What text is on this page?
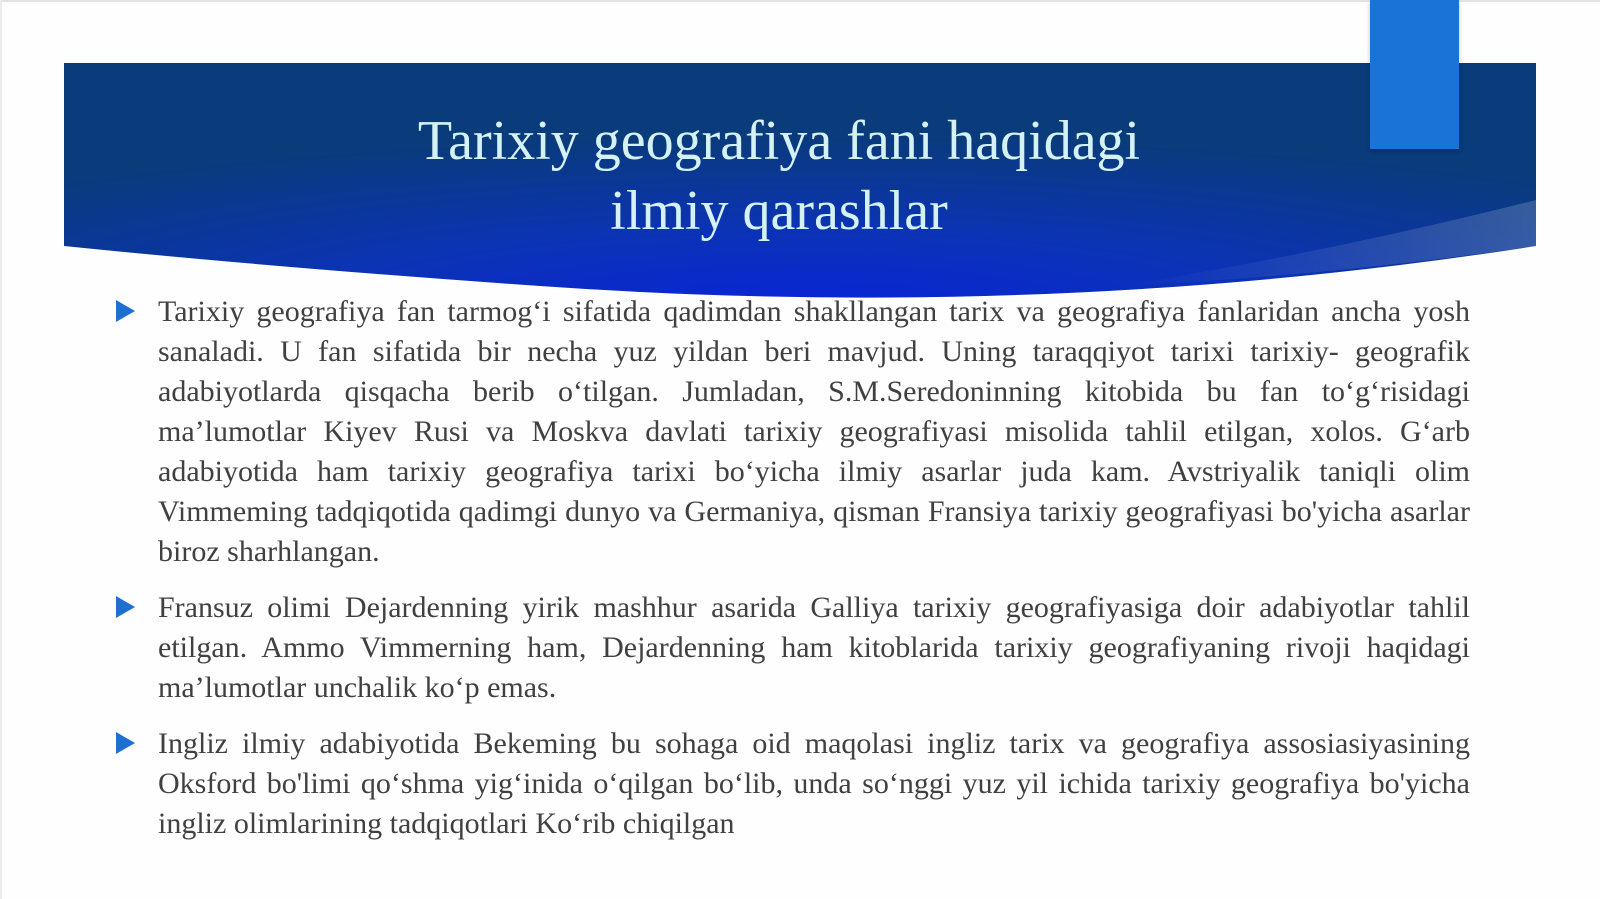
Tarixiy geografiya fani haqidagi
ilmiy qarashlar

Tarixiy geografiya fan tarmog‘i sifatida qadimdan shakllangan tarix va geografiya fanlaridan ancha yosh sanaladi. U fan sifatida bir necha yuz yildan beri mavjud. Uning taraqqiyot tarixi tarixiy- geografik adabiyotlarda qisqacha berib o‘tilgan. Jumladan, S.M.Seredoninning kitobida bu fan to‘g‘risidagi ma’lumotlar Kiyev Rusi va Moskva davlati tarixiy geografiyasi misolida tahlil etilgan, xolos. G‘arb adabiyotida ham tarixiy geografiya tarixi bo‘yicha ilmiy asarlar juda kam. Avstriyalik taniqli olim Vimmeming tadqiqotida qadimgi dunyo va Germaniya, qisman Fransiya tarixiy geografiyasi bo'yicha asarlar biroz sharhlangan.

Fransuz olimi Dejardenning yirik mashhur asarida Galliya tarixiy geografiyasiga doir adabiyotlar tahlil etilgan. Ammo Vimmerning ham, Dejardenning ham kitoblarida tarixiy geografiyaning rivoji haqidagi ma’lumotlar unchalik ko‘p emas.

Ingliz ilmiy adabiyotida Bekeming bu sohaga oid maqolasi ingliz tarix va geografiya assosiasiyasining Oksford bo'limi qo‘shma yig‘inida o‘qilgan bo‘lib, unda so‘nggi yuz yil ichida tarixiy geografiya bo'yicha ingliz olimlarining tadqiqotlari Ko‘rib chiqilgan
